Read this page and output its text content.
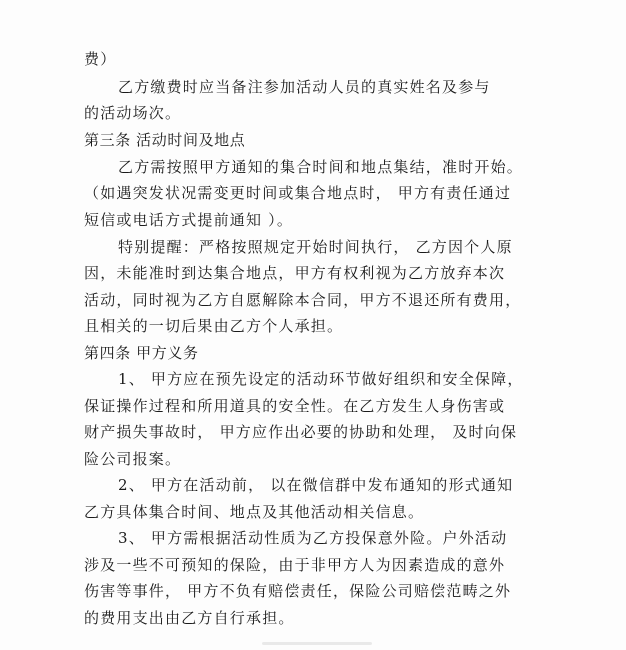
费）
乙方缴费时应当备注参加活动人员的真实姓名及参与
的活动场次。
第三条 活动时间及地点
乙方需按照甲方通知的集合时间和地点集结，准时开始。
（如遇突发状况需变更时间或集合地点时， 甲方有责任通过
短信或电话方式提前通知 ）。
特别提醒：严格按照规定开始时间执行， 乙方因个人原
因，未能准时到达集合地点，甲方有权利视为乙方放弃本次
活动，同时视为乙方自愿解除本合同，甲方不退还所有费用，
且相关的一切后果由乙方个人承担。
第四条 甲方义务
1、 甲方应在预先设定的活动环节做好组织和安全保障，
保证操作过程和所用道具的安全性。在乙方发生人身伤害或
财产损失事故时， 甲方应作出必要的协助和处理， 及时向保
险公司报案。
2、 甲方在活动前， 以在微信群中发布通知的形式通知
乙方具体集合时间、地点及其他活动相关信息。
3、 甲方需根据活动性质为乙方投保意外险。户外活动
涉及一些不可预知的保险，由于非甲方人为因素造成的意外
伤害等事件， 甲方不负有赔偿责任，保险公司赔偿范畴之外
的费用支出由乙方自行承担。
